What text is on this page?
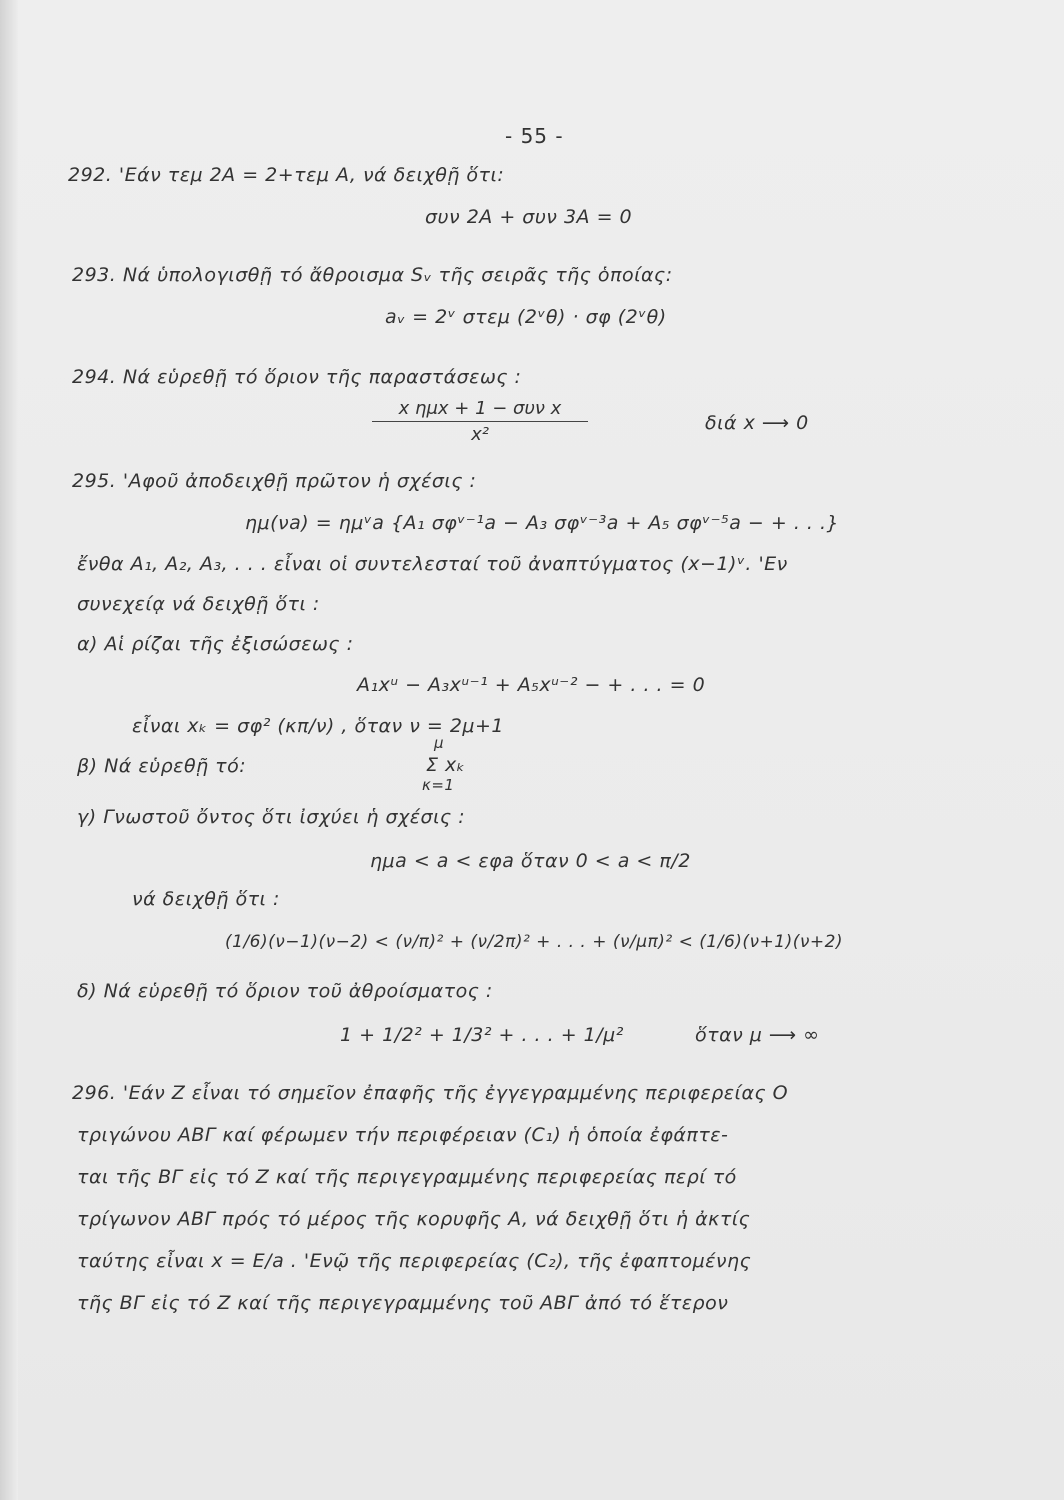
- 55 -
292. 'Εάν τεμ 2A = 2+τεμ A, νά δειχθῇ ὅτι:
συν 2A + συν 3A = 0
293. Νά ὑπολογισθῇ τό ἄθροισμα Sᵥ τῆς σειρᾶς τῆς ὁποίας:
aᵥ = 2ᵛ στεμ (2ᵛθ) · σφ (2ᵛθ)
294. Νά εὑρεθῇ τό ὅριον τῆς παραστάσεως :
x ημx + 1 − συν x
x²
διά x ⟶ 0
295. 'Αφοῦ ἀποδειχθῇ πρῶτον ἡ σχέσις :
ημ(νa) = ημᵛa {A₁ σφᵛ⁻¹a − A₃ σφᵛ⁻³a + A₅ σφᵛ⁻⁵a − + . . .}
ἔνθα A₁, A₂, A₃, . . . εἶναι οἱ συντελεσταί τοῦ ἀναπτύγματος (x−1)ᵛ. 'Εν
συνεχείᾳ νά δειχθῇ ὅτι :
α) Αἱ ρίζαι τῆς ἐξισώσεως :
A₁xᵘ − A₃xᵘ⁻¹ + A₅xᵘ⁻² − + . . . = 0
εἶναι xₖ = σφ² (κπ/ν) , ὅταν ν = 2μ+1
β) Νά εὑρεθῇ τό:
μ
Σ xₖ
κ=1
γ) Γνωστοῦ ὄντος ὅτι ἰσχύει ἡ σχέσις :
ημa < a < εφa ὅταν 0 < a < π/2
νά δειχθῇ ὅτι :
(1/6)(ν−1)(ν−2) < (ν/π)² + (ν/2π)² + . . . + (ν/μπ)² < (1/6)(ν+1)(ν+2)
δ) Νά εὑρεθῇ τό ὅριον τοῦ ἀθροίσματος :
1 + 1/2² + 1/3² + . . . + 1/μ²	ὅταν μ ⟶ ∞
296. 'Εάν Z εἶναι τό σημεῖον ἐπαφῆς τῆς ἐγγεγραμμένης περιφερείας O
τριγώνου ΑΒΓ καί φέρωμεν τήν περιφέρειαν (C₁) ἡ ὁποία ἐφάπτε-
ται τῆς ΒΓ εἰς τό Z καί τῆς περιγεγραμμένης περιφερείας περί τό
τρίγωνον ΑΒΓ πρός τό μέρος τῆς κορυφῆς A, νά δειχθῇ ὅτι ἡ ἀκτίς
ταύτης εἶναι x = E/a . 'Ενῷ τῆς περιφερείας (C₂), τῆς ἐφαπτομένης
τῆς ΒΓ εἰς τό Z καί τῆς περιγεγραμμένης τοῦ ΑΒΓ ἀπό τό ἕτερον
